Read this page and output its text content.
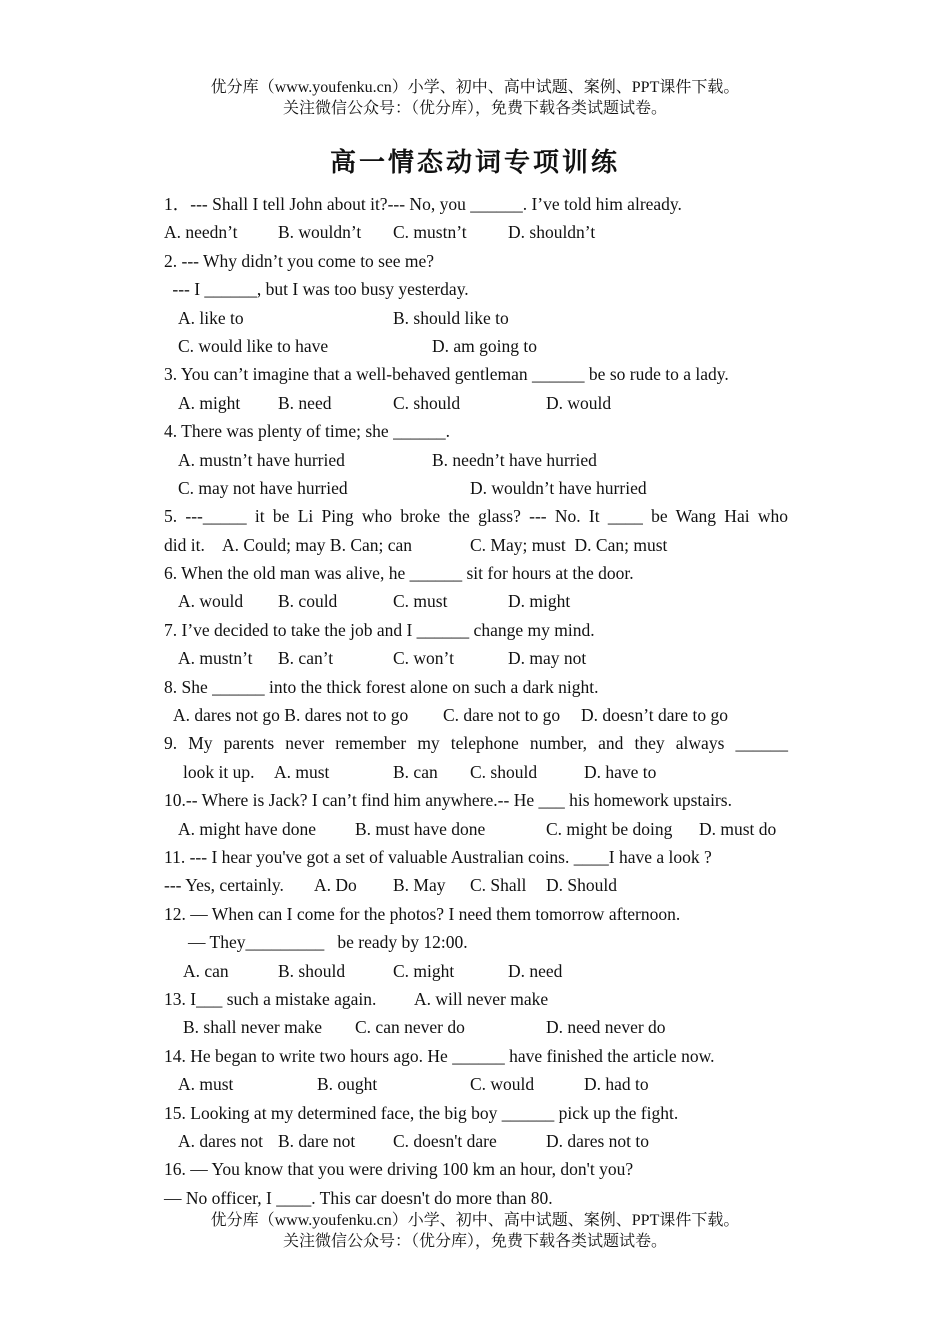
优分库（www.youfenku.cn）小学、初中、高中试题、案例、PPT课件下载。
关注微信公众号：（优分库），免费下载各类试题试卷。
高一情态动词专项训练
1．--- Shall I tell John about it?--- No, you ______. I’ve told him already.

A. needn’t

B. wouldn’t

C. mustn’t

D. shouldn’t

2. --- Why didn’t you come to see me?
--- I ______, but I was too busy yesterday.

A. like to

	B. should like to

C. would like to have

	D. am going to

3. You can’t imagine that a well-behaved gentleman ______ be so rude to a lady.

A. might

B. need

	C. should

	D. would

4. There was plenty of time; she ______.

A. mustn’t have hurried

	B. needn’t have hurried

C. may not have hurried

	D. wouldn’t have hurried

5. ---_____ it be Li Ping who broke the glass? --- No. It ____ be Wang Hai who

did it.

A. Could; may B. Can; can

	C. May; must  D. Can; must

6. When the old man was alive, he ______ sit for hours at the door.

A. would

B. could

	C. must

	D. might

7. I’ve decided to take the job and I ______ change my mind.

A. mustn’t

B. can’t

	C. won’t

	D. may not

8. She ______ into the thick forest alone on such a dark night.

A. dares not go B. dares not to go

C. dare not to go

D. doesn’t dare to go

9. My parents never remember my telephone number, and they always ______

look it up.

A. must

	B. can

C. should

	D. have to

10.-- Where is Jack? I can’t find him anywhere.-- He ___ his homework upstairs.

A. might have done

B. must have done

	C. might be doing

D. must do

11. --- I hear you've got a set of valuable Australian coins. ____I have a look ?

--- Yes, certainly.

A. Do

B. May

C. Shall

D. Should

12. — When can I come for the photos? I need them tomorrow afternoon.
— They_________   be ready by 12:00.

A. can

	B. should

	C. might

	D. need

13. I___ such a mistake again.

A. will never make

B. shall never make

C. can never do

	D. need never do

14. He began to write two hours ago. He ______ have finished the article now.

A. must

	B. ought

	C. would

	D. had to

15. Looking at my determined face, the big boy ______ pick up the fight.

A. dares not

B. dare not

C. doesn't dare

	D. dares not to

16. — You know that you were driving 100 km an hour, don't you?
— No officer, I ____. This car doesn't do more than 80.
优分库（www.youfenku.cn）小学、初中、高中试题、案例、PPT课件下载。
关注微信公众号：（优分库），免费下载各类试题试卷。
